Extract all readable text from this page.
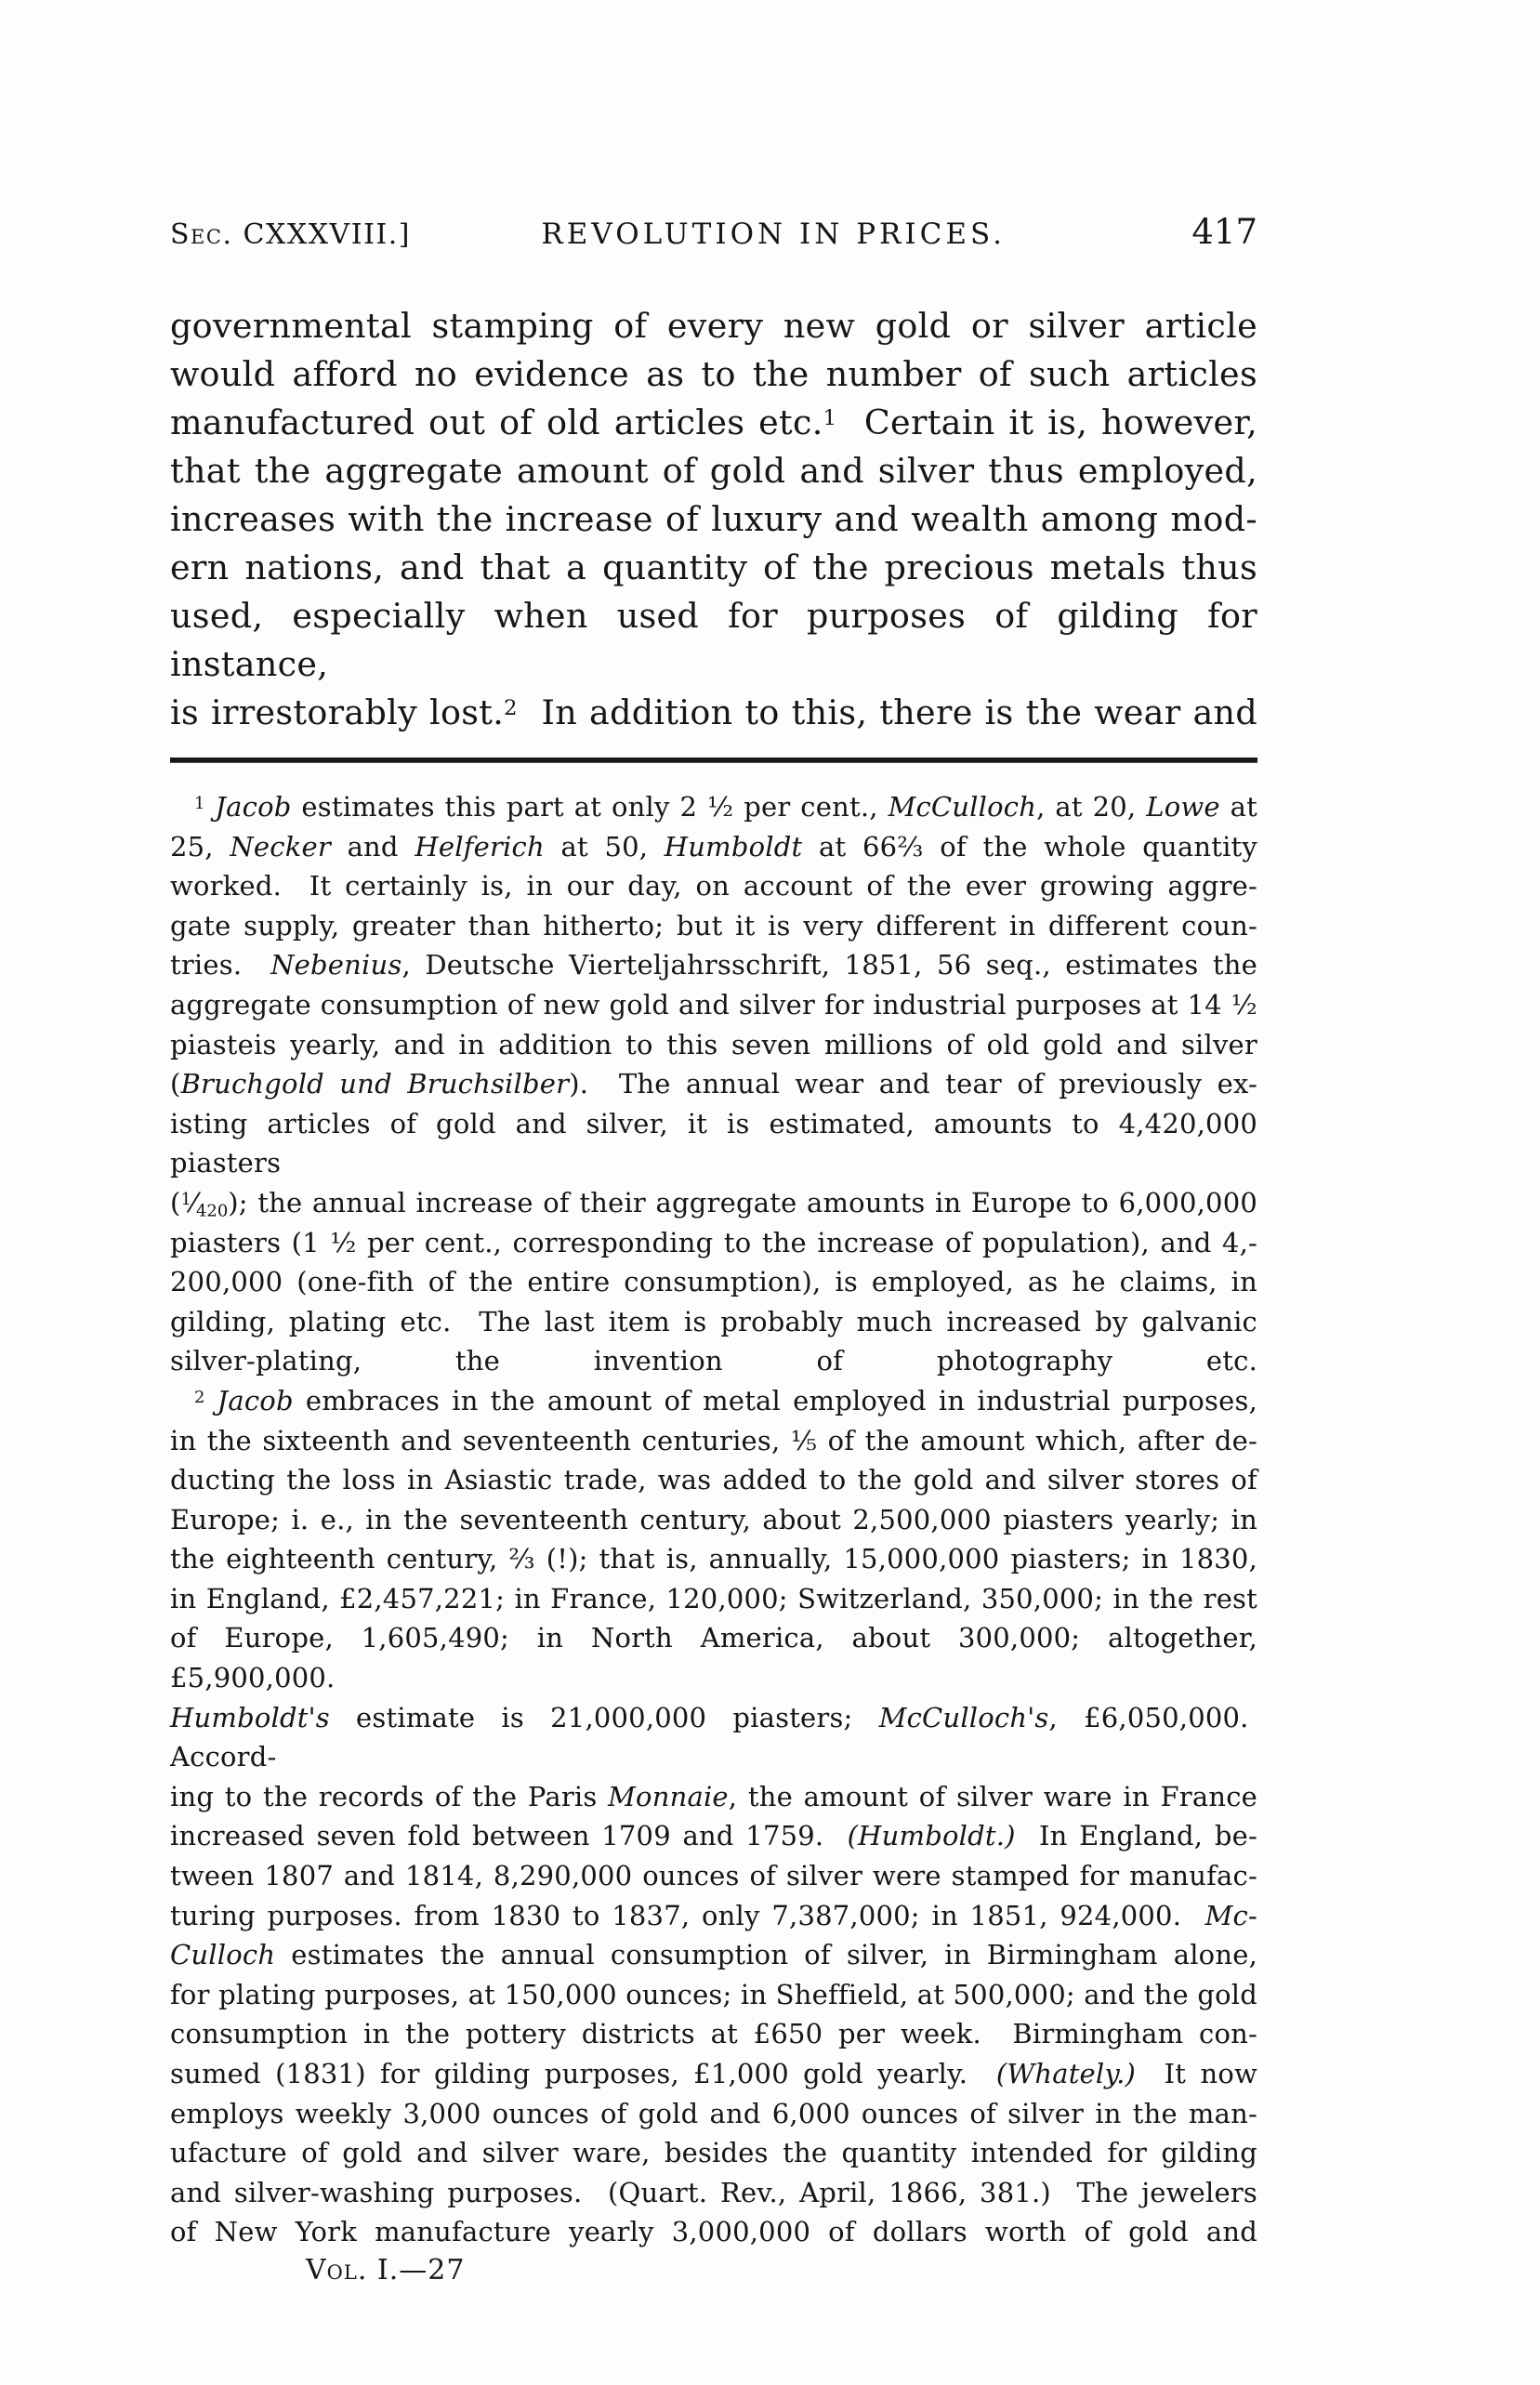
Sec. CXXXVIII.]	REVOLUTION IN PRICES.	417
governmental stamping of every new gold or silver article
would afford no evidence as to the number of such articles
manufactured out of old articles etc.$^1$  Certain it is, however,
that the aggregate amount of gold and silver thus employed,
increases with the increase of luxury and wealth among mod-
ern nations, and that a quantity of the precious metals thus
used, especially when used for purposes of gilding for instance,
is irrestorably lost.$^2$  In addition to this, there is the wear and
$^1$ Jacob estimates this part at only 2 ½ per cent., McCulloch, at 20, Lowe at
25, Necker and Helferich at 50, Humboldt at 66⅔ of the whole quantity
worked.  It certainly is, in our day, on account of the ever growing aggre-
gate supply, greater than hitherto; but it is very different in different coun-
tries.  Nebenius, Deutsche Vierteljahrsschrift, 1851, 56 seq., estimates the
aggregate consumption of new gold and silver for industrial purposes at 14 ½
piasteis yearly, and in addition to this seven millions of old gold and silver
(Bruchgold und Bruchsilber).  The annual wear and tear of previously ex-
isting articles of gold and silver, it is estimated, amounts to 4,420,000 piasters
$(^1⁄_{420})$; the annual increase of their aggregate amounts in Europe to 6,000,000
piasters (1 ½ per cent., corresponding to the increase of population), and 4,-
200,000 (one-fith of the entire consumption), is employed, as he claims, in
gilding, plating etc.  The last item is probably much increased by galvanic
silver-plating, the invention of photography etc.
$^2$ Jacob embraces in the amount of metal employed in industrial purposes,
in the sixteenth and seventeenth centuries, ⅕ of the amount which, after de-
ducting the loss in Asiastic trade, was added to the gold and silver stores of
Europe; i. e., in the seventeenth century, about 2,500,000 piasters yearly; in
the eighteenth century, ⅔ (!); that is, annually, 15,000,000 piasters; in 1830,
in England, £2,457,221; in France, 120,000; Switzerland, 350,000; in the rest
of Europe, 1,605,490; in North America, about 300,000; altogether, £5,900,000.
Humboldt's estimate is 21,000,000 piasters; McCulloch's, £6,050,000.  Accord-
ing to the records of the Paris Monnaie, the amount of silver ware in France
increased seven fold between 1709 and 1759.  (Humboldt.)  In England, be-
tween 1807 and 1814, 8,290,000 ounces of silver were stamped for manufac-
turing purposes. from 1830 to 1837, only 7,387,000; in 1851, 924,000.  Mc-
Culloch estimates the annual consumption of silver, in Birmingham alone,
for plating purposes, at 150,000 ounces; in Sheffield, at 500,000; and the gold
consumption in the pottery districts at £650 per week.  Birmingham con-
sumed (1831) for gilding purposes, £1,000 gold yearly.  (Whately.)  It now
employs weekly 3,000 ounces of gold and 6,000 ounces of silver in the man-
ufacture of gold and silver ware, besides the quantity intended for gilding
and silver-washing purposes.  (Quart. Rev., April, 1866, 381.)  The jewelers
of New York manufacture yearly 3,000,000 of dollars worth of gold and
Vol. I.—27
